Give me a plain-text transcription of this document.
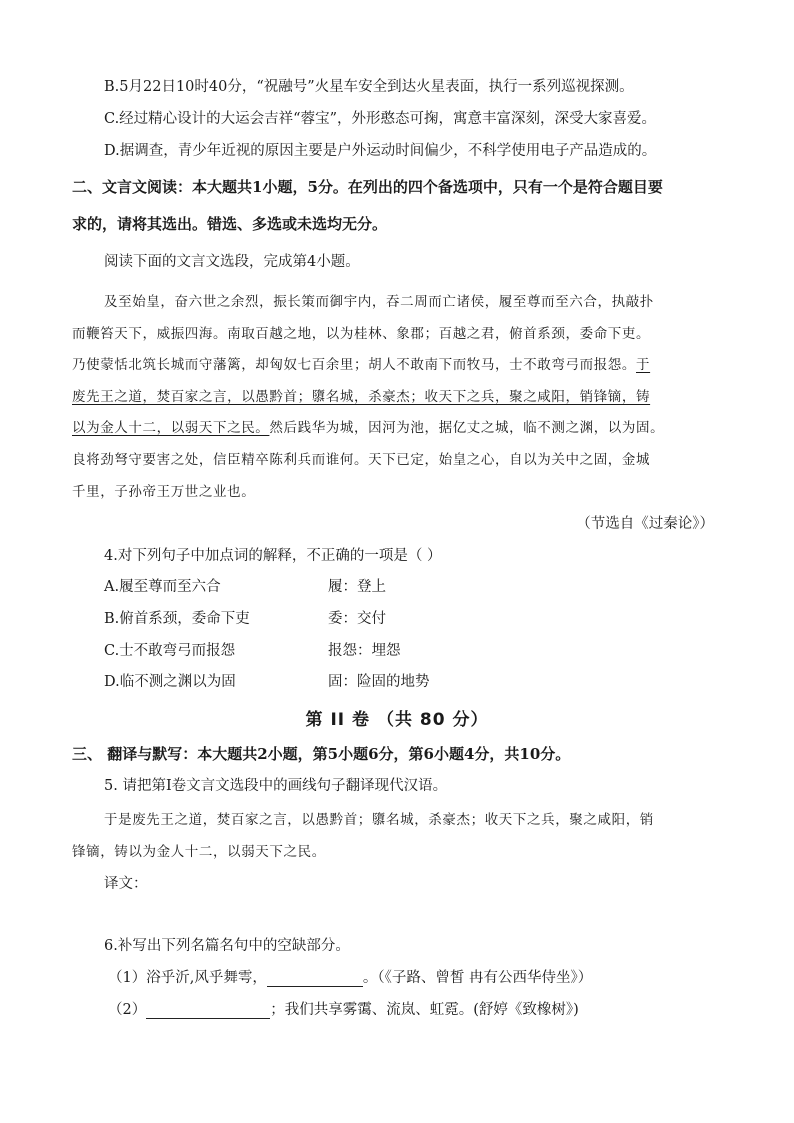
B.5月22日10时40分，“祝融号”火星车安全到达火星表面，执行一系列巡视探测。
C.经过精心设计的大运会吉祥“蓉宝”，外形憨态可掬，寓意丰富深刻，深受大家喜爱。
D.据调查，青少年近视的原因主要是户外运动时间偏少，不科学使用电子产品造成的。
二、文言文阅读：本大题共1小题，5分。在列出的四个备选项中，只有一个是符合题目要
求的，请将其选出。错选、多选或未选均无分。
阅读下面的文言文选段，完成第4小题。
及至始皇，奋六世之余烈，振长策而御宇内，吞二周而亡诸侯，履至尊而至六合，执敲扑
而鞭笞天下，威振四海。南取百越之地，以为桂林、象郡；百越之君，俯首系颈，委命下吏。
乃使蒙恬北筑长城而守藩篱，却匈奴七百余里；胡人不敢南下而牧马，士不敢弯弓而报怨。于
废先王之道，焚百家之言，以愚黔首；隳名城，杀豪杰；收天下之兵，聚之咸阳，销锋镝，铸
以为金人十二，以弱天下之民。然后践华为城，因河为池，据亿丈之城，临不测之渊，以为固。
良将劲弩守要害之处，信臣精卒陈利兵而谁何。天下已定，始皇之心，自以为关中之固，金城
千里，子孙帝王万世之业也。
（节选自《过秦论》）
4.对下列句子中加点词的解释，不正确的一项是（ ）
A.履至尊而至六合	履：登上
B.俯首系颈，委命下吏	委：交付
C.士不敢弯弓而报怨	报怨：埋怨
D.临不测之渊以为固	固：险固的地势
第 II 卷 （共 80 分）
三、 翻译与默写：本大题共2小题，第5小题6分，第6小题4分，共10分。
5. 请把第I卷文言文选段中的画线句子翻译现代汉语。
于是废先王之道，焚百家之言，以愚黔首；隳名城，杀豪杰；收天下之兵，聚之咸阳，销
锋镝，铸以为金人十二，以弱天下之民。
译文：
6.补写出下列名篇名句中的空缺部分。
（1）浴乎沂,风乎舞雩，	。（《子路、曾皙 冉有公西华侍坐》）
（2）	；我们共享雾霭、流岚、虹霓。(舒婷《致橡树》)
